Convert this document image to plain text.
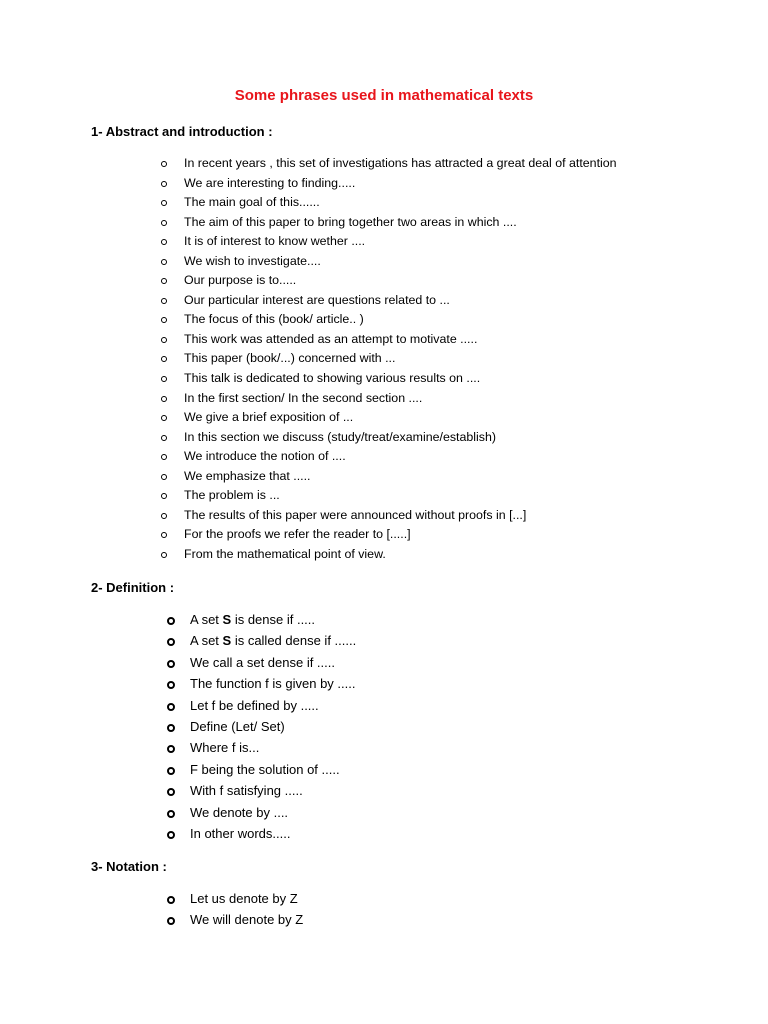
Some phrases used in mathematical texts
1- Abstract and introduction :
In recent years , this set of investigations has attracted a great deal of attention
We are interesting to finding.....
The main goal of this......
The aim of this paper to bring together two areas in which ....
It is of interest to know wether ....
We wish to investigate....
Our purpose is to.....
Our particular interest are questions related to ...
The focus of this (book/ article.. )
This work was attended as an attempt to motivate .....
This paper (book/...) concerned with ...
This talk is dedicated to showing various results on ....
In the first section/ In the second section ....
We give a brief exposition of ...
In this section we discuss (study/treat/examine/establish)
We introduce the notion of ....
We emphasize that .....
The problem is ...
The results of this paper were announced without proofs in [...]
For the proofs we refer the reader to [.....]
From the mathematical point of view.
2- Definition :
A set S is dense if .....
A set S is called dense if ......
We call a set dense if .....
The function f is given by .....
Let f be defined by .....
Define (Let/ Set)
Where f is...
F being the solution of .....
With f satisfying .....
We denote by ....
In other words.....
3- Notation :
Let us denote by Z
We will denote by Z
